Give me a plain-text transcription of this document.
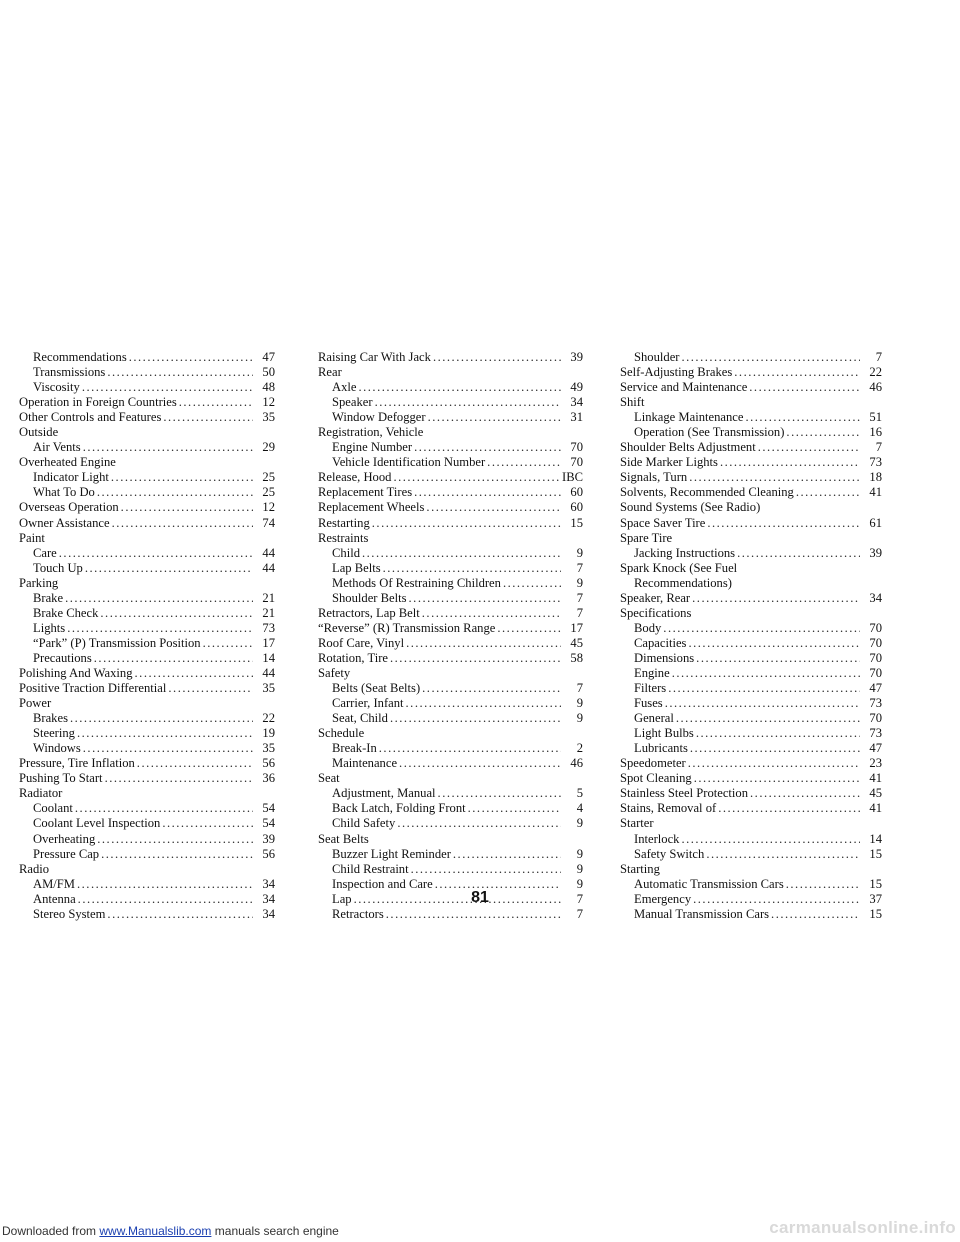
Recommendations .....	47
Transmissions .....	50
Viscosity .....	48
Operation in Foreign Countries .....	12
Other Controls and Features .....	35
Outside
Air Vents .....	29
Overheated Engine
Indicator Light .....	25
What To Do .....	25
Overseas Operation .....	12
Owner Assistance .....	74
Paint
Care .....	44
Touch Up .....	44
Parking
Brake .....	21
Brake Check .....	21
Lights .....	73
“Park” (P) Transmission Position .....	17
Precautions .....	14
Polishing And Waxing .....	44
Positive Traction Differential .....	35
Power
Brakes .....	22
Steering .....	19
Windows .....	35
Pressure, Tire Inflation .....	56
Pushing To Start .....	36
Radiator
Coolant .....	54
Coolant Level Inspection .....	54
Overheating .....	39
Pressure Cap .....	56
Radio
AM/FM .....	34
Antenna .....	34
Stereo System .....	34
Raising Car With Jack .....	39
Rear
Axle .....	49
Speaker .....	34
Window Defogger .....	31
Registration, Vehicle
Engine Number .....	70
Vehicle Identification Number .....	70
Release, Hood .....	IBC
Replacement Tires .....	60
Replacement Wheels .....	60
Restarting .....	15
Restraints
Child .....	9
Lap Belts .....	7
Methods Of Restraining Children .....	9
Shoulder Belts .....	7
Retractors, Lap Belt .....	7
“Reverse” (R) Transmission Range .....	17
Roof Care, Vinyl .....	45
Rotation, Tire .....	58
Safety
Belts (Seat Belts) .....	7
Carrier, Infant .....	9
Seat, Child .....	9
Schedule
Break-In .....	2
Maintenance .....	46
Seat
Adjustment, Manual .....	5
Back Latch, Folding Front .....	4
Child Safety .....	9
Seat Belts
Buzzer Light Reminder .....	9
Child Restraint .....	9
Inspection and Care .....	9
Lap .....	7
Retractors .....	7
Shoulder .....	7
Self-Adjusting Brakes .....	22
Service and Maintenance .....	46
Shift
Linkage Maintenance .....	51
Operation (See Transmission) .....	16
Shoulder Belts Adjustment .....	7
Side Marker Lights .....	73
Signals, Turn .....	18
Solvents, Recommended Cleaning .....	41
Sound Systems (See Radio)
Space Saver Tire .....	61
Spare Tire
Jacking Instructions .....	39
Spark Knock (See Fuel
Recommendations)
Speaker, Rear .....	34
Specifications
Body .....	70
Capacities .....	70
Dimensions .....	70
Engine .....	70
Filters .....	47
Fuses .....	73
General .....	70
Light Bulbs .....	73
Lubricants .....	47
Speedometer .....	23
Spot Cleaning .....	41
Stainless Steel Protection .....	45
Stains, Removal of .....	41
Starter
Interlock .....	14
Safety Switch .....	15
Starting
Automatic Transmission Cars .....	15
Emergency .....	37
Manual Transmission Cars .....	15
81
Downloaded from www.Manualslib.com manuals search engine	carmanualsonline.info
